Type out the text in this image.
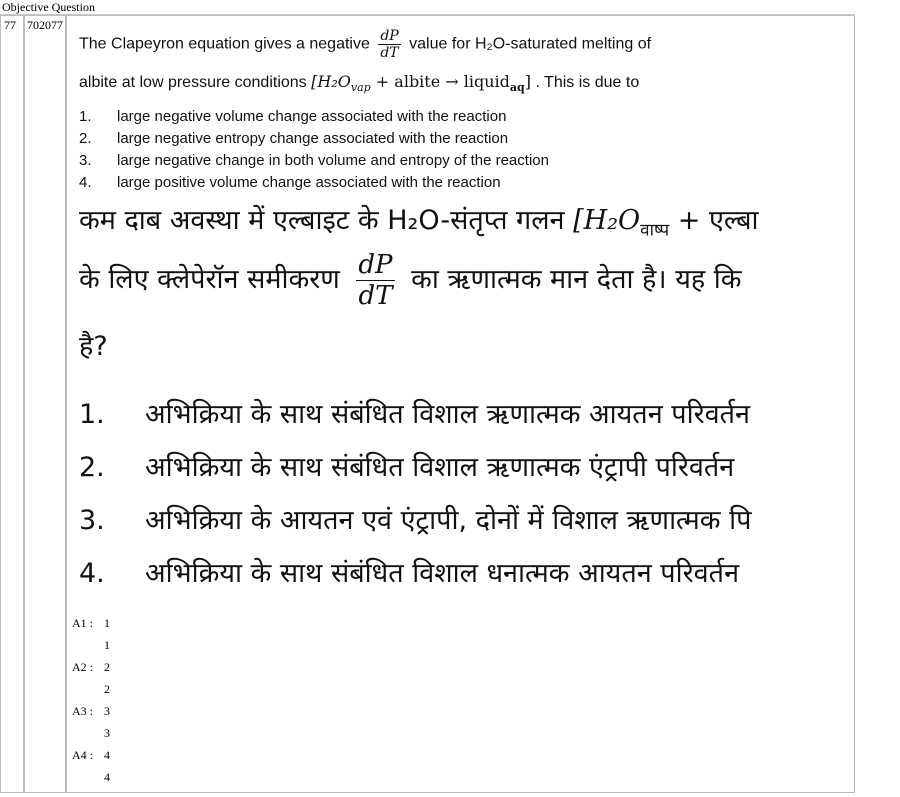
Objective Question
77 702077
The Clapeyron equation gives a negative $\frac{dP}{dT}$ value for H₂O-saturated melting of
albite at low pressure conditions [$H_2O_{vap}$ + albite → liquid$_{aq}$] . This is due to
1. large negative volume change associated with the reaction
2. large negative entropy change associated with the reaction
3. large negative change in both volume and entropy of the reaction
4. large positive volume change associated with the reaction
कम दाब अवस्था में एल्बाइट के H₂O-संतृप्त गलन [$H_2O_{वाष्प}$ + एल्बा
के लिए क्लेपेरॉन समीकरण $\frac{dP}{dT}$ का ऋणात्मक मान देता है। यह कि
है?
1. अभिक्रिया के साथ संबंधित विशाल ऋणात्मक आयतन परिवर्तन
2. अभिक्रिया के साथ संबंधित विशाल ऋणात्मक एंट्रापी परिवर्तन
3. अभिक्रिया के आयतन एवं एंट्रापी, दोनों में विशाल ऋणात्मक पि
4. अभिक्रिया के साथ संबंधित विशाल धनात्मक आयतन परिवर्तन
A1 : 1
1
A2 : 2
2
A3 : 3
3
A4 : 4
4
